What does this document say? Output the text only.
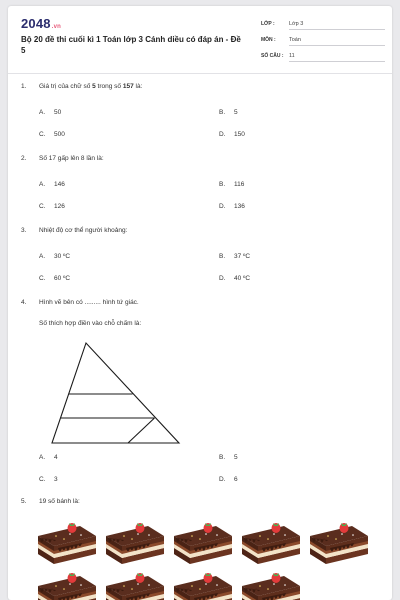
2048.vn
Bộ 20 đề thi cuối kì 1 Toán lớp 3 Cánh diều có đáp án - Đề 5
LỚP :	Lớp 3
MÔN : Toán
SỐ CÂU : 11
1. Giá trị của chữ số 5 trong số 157 là:
A. 50	B. 5
C. 500	D. 150
2. Số 17 gấp lên 8 lần là:
A. 146	B. 116
C. 126	D. 136
3. Nhiệt độ cơ thể người khoảng:
A. 30 ºC	B. 37 ºC
C. 60 ºC	D. 40 ºC
4. Hình vẽ bên có ......... hình tứ giác.
Số thích hợp điền vào chỗ chấm là:
A. 4	B. 5
C. 3	D. 6
5. 19 số bánh là:
